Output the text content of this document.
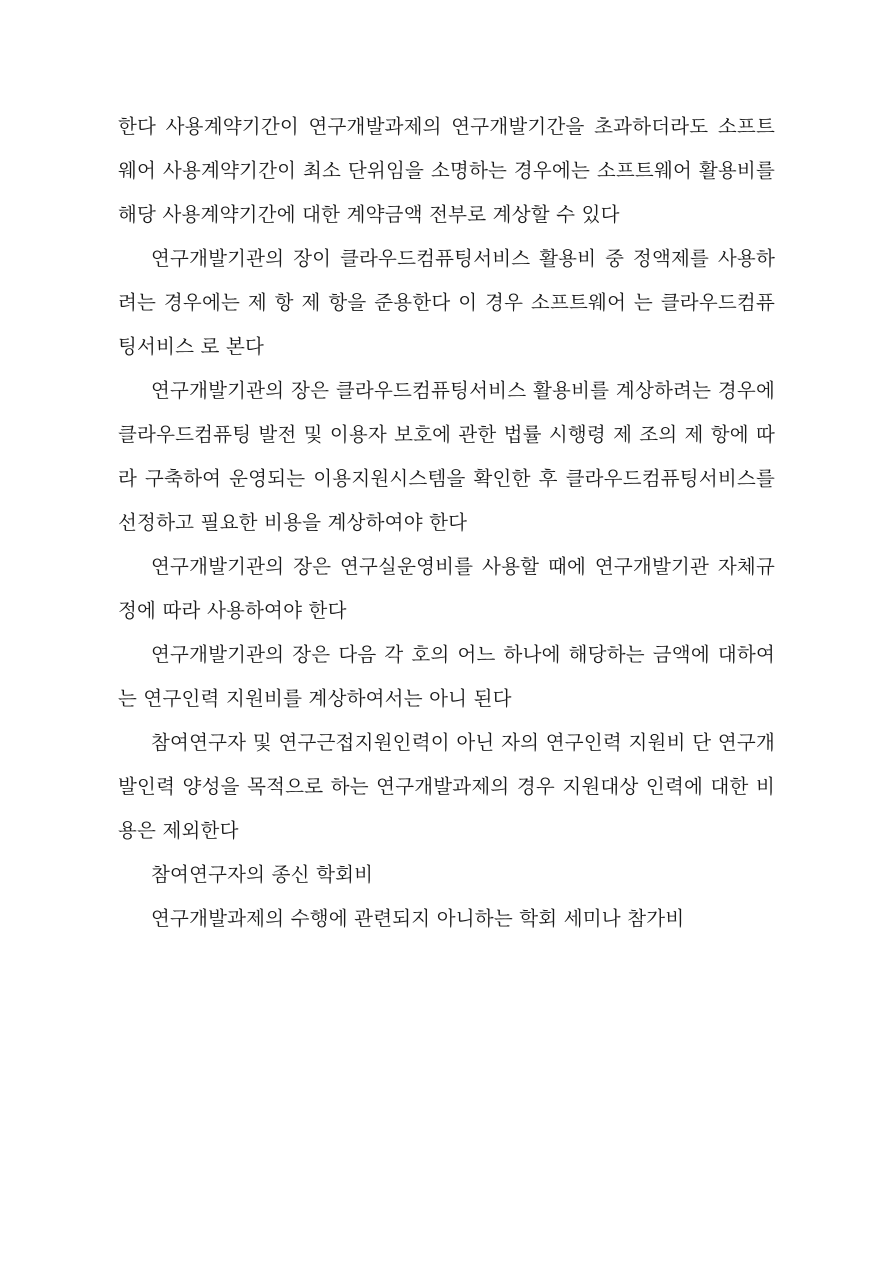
한다 사용계약기간이 연구개발과제의 연구개발기간을 초과하더라도 소프트웨어 사용계약기간이 최소 단위임을 소명하는 경우에는 소프트웨어 활용비를 해당 사용계약기간에 대한 계약금액 전부로 계상할 수 있다

연구개발기관의 장이 클라우드컴퓨팅서비스 활용비 중 정액제를 사용하려는 경우에는 제 항 제 항을 준용한다 이 경우 소프트웨어 는 클라우드컴퓨팅서비스 로 본다

연구개발기관의 장은 클라우드컴퓨팅서비스 활용비를 계상하려는 경우에 클라우드컴퓨팅 발전 및 이용자 보호에 관한 법률 시행령 제 조의 제 항에 따라 구축하여 운영되는 이용지원시스템을 확인한 후 클라우드컴퓨팅서비스를 선정하고 필요한 비용을 계상하여야 한다

연구개발기관의 장은 연구실운영비를 사용할 때에 연구개발기관 자체규정에 따라 사용하여야 한다

연구개발기관의 장은 다음 각 호의 어느 하나에 해당하는 금액에 대하여는 연구인력 지원비를 계상하여서는 아니 된다

참여연구자 및 연구근접지원인력이 아닌 자의 연구인력 지원비 단 연구개발인력 양성을 목적으로 하는 연구개발과제의 경우 지원대상 인력에 대한 비용은 제외한다

참여연구자의 종신 학회비

연구개발과제의 수행에 관련되지 아니하는 학회 세미나 참가비
